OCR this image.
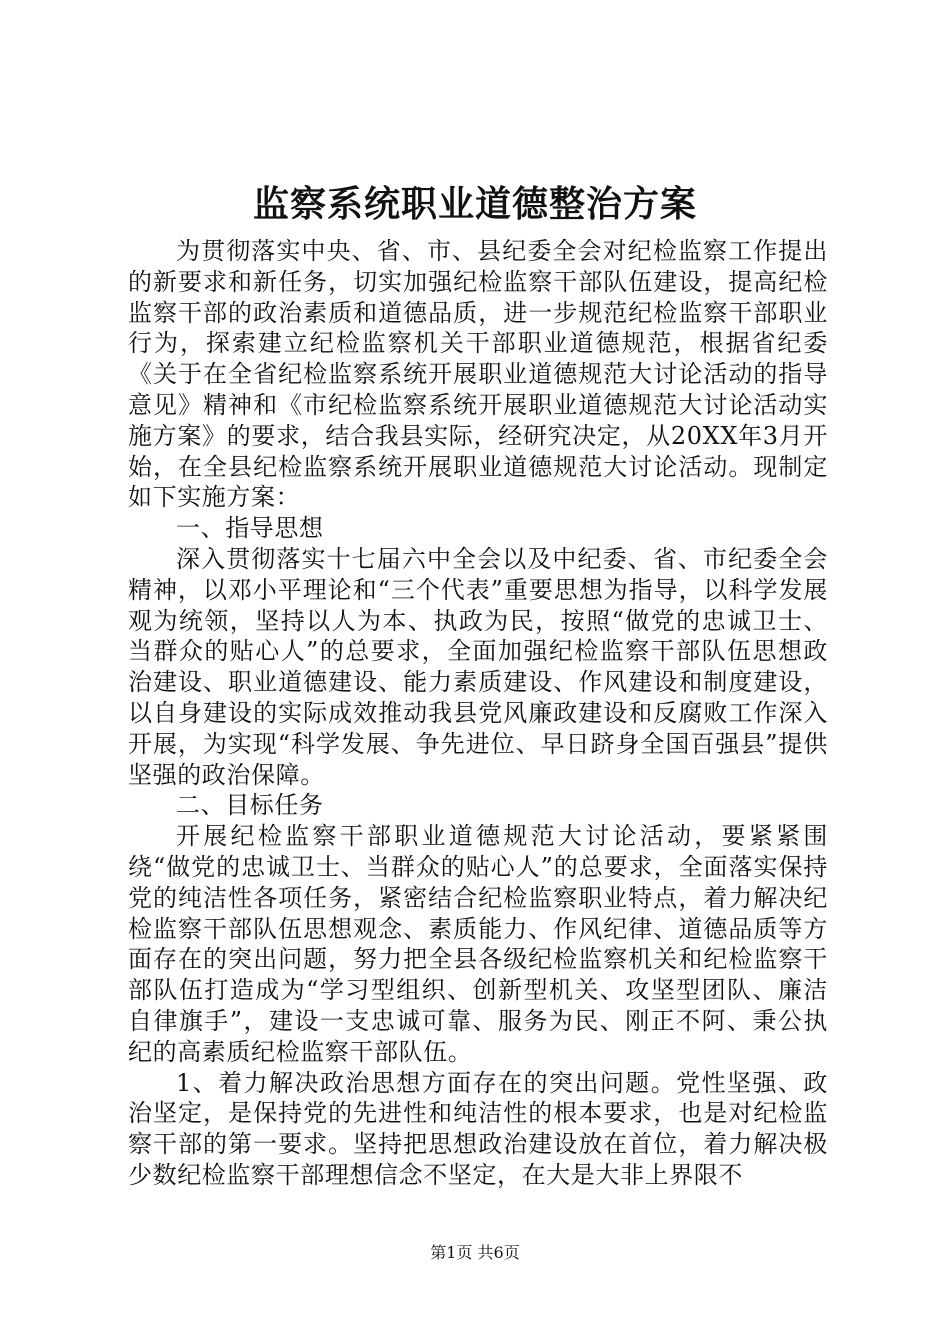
监察系统职业道德整治方案

为贯彻落实中央、省、市、县纪委全会对纪检监察工作提出的新要求和新任务，切实加强纪检监察干部队伍建设，提高纪检监察干部的政治素质和道德品质，进一步规范纪检监察干部职业行为，探索建立纪检监察机关干部职业道德规范，根据省纪委《关于在全省纪检监察系统开展职业道德规范大讨论活动的指导意见》精神和《市纪检监察系统开展职业道德规范大讨论活动实施方案》的要求，结合我县实际，经研究决定，从20XX年3月开始，在全县纪检监察系统开展职业道德规范大讨论活动。现制定如下实施方案：

一、指导思想

深入贯彻落实十七届六中全会以及中纪委、省、市纪委全会精神，以邓小平理论和“三个代表”重要思想为指导，以科学发展观为统领，坚持以人为本、执政为民，按照“做党的忠诚卫士、当群众的贴心人”的总要求，全面加强纪检监察干部队伍思想政治建设、职业道德建设、能力素质建设、作风建设和制度建设，以自身建设的实际成效推动我县党风廉政建设和反腐败工作深入开展，为实现“科学发展、争先进位、早日跻身全国百强县”提供坚强的政治保障。

二、目标任务

开展纪检监察干部职业道德规范大讨论活动，要紧紧围绕“做党的忠诚卫士、当群众的贴心人”的总要求，全面落实保持党的纯洁性各项任务，紧密结合纪检监察职业特点，着力解决纪检监察干部队伍思想观念、素质能力、作风纪律、道德品质等方面存在的突出问题，努力把全县各级纪检监察机关和纪检监察干部队伍打造成为“学习型组织、创新型机关、攻坚型团队、廉洁自律旗手”，建设一支忠诚可靠、服务为民、刚正不阿、秉公执纪的高素质纪检监察干部队伍。

1、着力解决政治思想方面存在的突出问题。党性坚强、政治坚定，是保持党的先进性和纯洁性的根本要求，也是对纪检监察干部的第一要求。坚持把思想政治建设放在首位，着力解决极少数纪检监察干部理想信念不坚定，在大是大非上界限不

第1页 共6页
